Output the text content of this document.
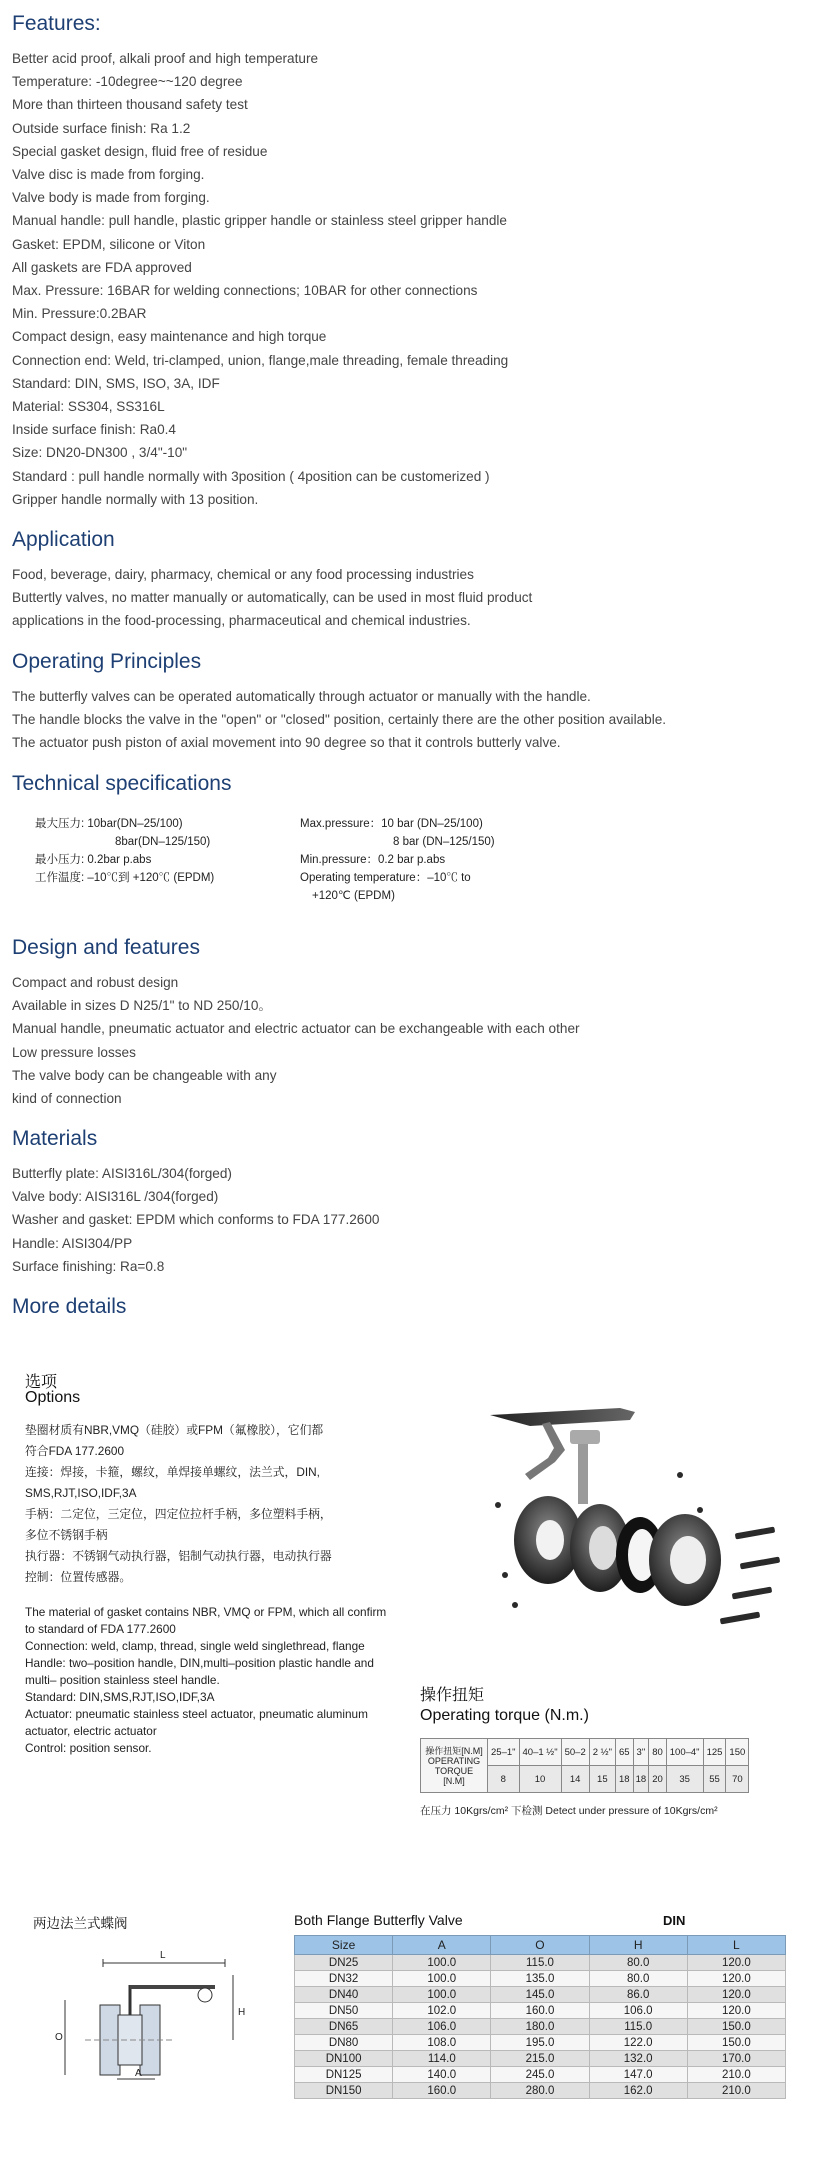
Features:
Better acid proof, alkali proof and high temperature
Temperature: -10degree~~120 degree
More than thirteen thousand safety test
Outside surface finish: Ra 1.2
Special gasket design, fluid free of residue
Valve disc is made from forging.
Valve body is made from forging.
Manual handle: pull handle, plastic gripper handle or stainless steel gripper handle
Gasket: EPDM, silicone or Viton
All gaskets are FDA approved
Max. Pressure: 16BAR for welding connections; 10BAR for other connections
Min. Pressure:0.2BAR
Compact design, easy maintenance and high torque
Connection end: Weld, tri-clamped, union, flange,male threading, female threading
Standard: DIN, SMS, ISO, 3A, IDF
Material: SS304, SS316L
Inside surface finish: Ra0.4
Size: DN20-DN300 , 3/4"-10"
Standard : pull handle normally with 3position ( 4position can be customerized )
Gripper handle normally with 13 position.
Application
Food, beverage, dairy, pharmacy, chemical or any food processing industries
Buttertly valves, no matter manually or automatically, can be used in most fluid product
applications in the food-processing, pharmaceutical and chemical industries.
Operating Principles
The butterfly valves can be operated automatically through actuator or manually with the handle.
The handle blocks the valve in the "open" or "closed" position, certainly there are the other position available.
The actuator push piston of axial movement into 90 degree so that it controls butterly valve.
Technical specifications
最大压力: 10bar(DN–25/100)
8bar(DN–125/150)
最小压力: 0.2bar p.abs
工作温度: –10℃到 +120℃ (EPDM)
Max.pressure：10 bar (DN–25/100)
8 bar (DN–125/150)
Min.pressure：0.2 bar p.abs
Operating temperature：–10℃ to
+120℃ (EPDM)
Design and features
Compact and robust design
Available in sizes D N25/1" to ND 250/10。
Manual handle, pneumatic actuator and electric actuator can be exchangeable with each other
Low pressure losses
The valve body can be changeable with any
kind of connection
Materials
Butterfly plate: AISI316L/304(forged)
Valve body: AISI316L /304(forged)
Washer and gasket: EPDM which conforms to FDA 177.2600
Handle: AISI304/PP
Surface finishing: Ra=0.8
More details
选项
Options
垫圈材质有NBR,VMQ（硅胶）或FPM（氟橡胶），它们都
符合FDA 177.2600
连接：焊接，卡箍，螺纹，单焊接单螺纹，法兰式，DIN,
SMS,RJT,ISO,IDF,3A
手柄：二定位，三定位，四定位拉杆手柄，多位塑料手柄，
多位不锈钢手柄
执行器：不锈钢气动执行器，铝制气动执行器，电动执行器
控制：位置传感器。
The material of gasket contains NBR, VMQ or FPM, which all confirm to standard of FDA 177.2600
Connection: weld, clamp, thread, single weld singlethread, flange
Handle: two–position handle, DIN,multi–position plastic handle and multi– position stainless steel handle.
Standard: DIN,SMS,RJT,ISO,IDF,3A
Actuator: pneumatic stainless steel actuator, pneumatic aluminum actuator, electric actuator
Control: position sensor.
操作扭矩
Operating torque (N.m.)
操作扭矩[N.M]
OPERATING TORQUE
[N.M]	25–1"	40–1 ½"	50–2	2 ½"	65	3"	80	100–4"	125	150
	8	10	14	15	18	18	20	35	55	70
在压力 10Kgrs/cm² 下检测 Detect under pressure of 10Kgrs/cm²
两边法兰式蝶阀	Both Flange Butterfly Valve	DIN
L
H
O
A
Size	A	O	H	L
DN25	100.0	115.0	80.0	120.0
DN32	100.0	135.0	80.0	120.0
DN40	100.0	145.0	86.0	120.0
DN50	102.0	160.0	106.0	120.0
DN65	106.0	180.0	115.0	150.0
DN80	108.0	195.0	122.0	150.0
DN100	114.0	215.0	132.0	170.0
DN125	140.0	245.0	147.0	210.0
DN150	160.0	280.0	162.0	210.0
